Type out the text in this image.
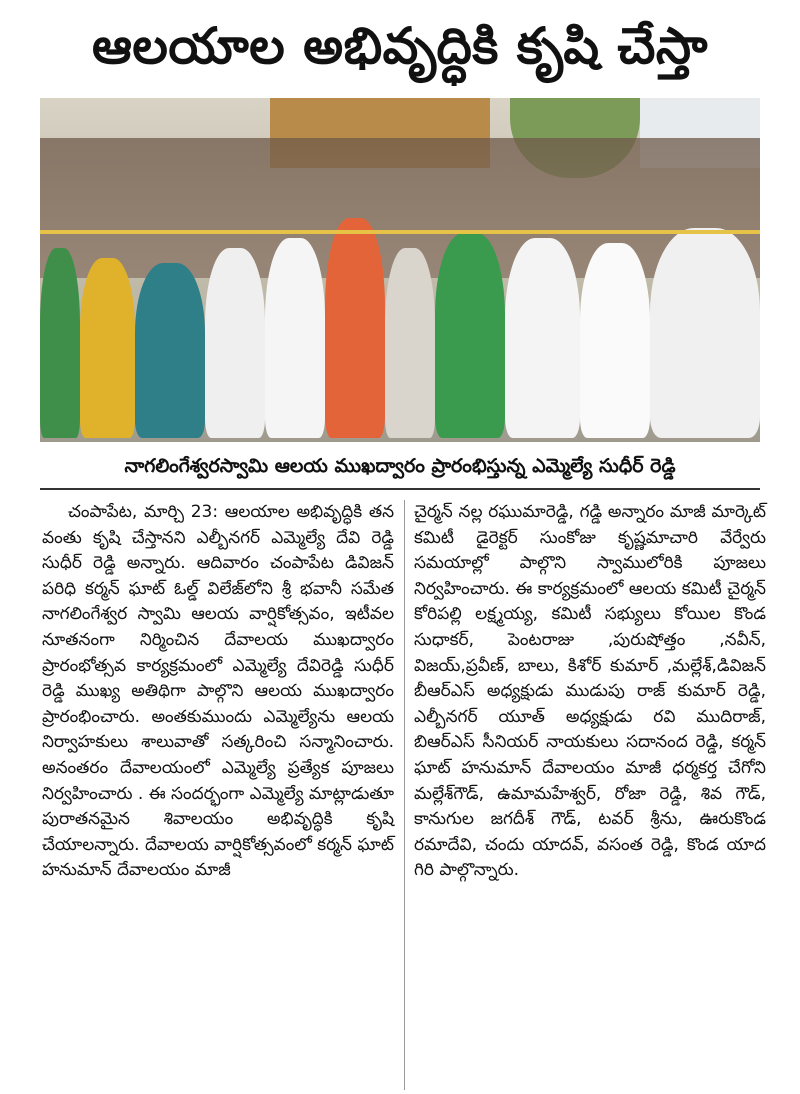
ఆలయాల అభివృద్ధికి కృషి చేస్తా
నాగలింగేశ్వరస్వామి ఆలయ ముఖద్వారం ప్రారంభిస్తున్న ఎమ్మెల్యే సుధీర్ రెడ్డి

చంపాపేట, మార్చి 23: ఆలయాల అభివృద్ధికి తన వంతు కృషి చేస్తానని ఎల్బీనగర్ ఎమ్మెల్యే దేవి రెడ్డి సుధీర్ రెడ్డి అన్నారు. ఆదివారం చంపాపేట డివిజన్ పరిధి కర్మన్ ఘాట్ ఓల్డ్ విలేజ్‌లోని శ్రీ భవానీ సమేత నాగలింగేశ్వర స్వామి ఆలయ వార్షికోత్సవం, ఇటీవల నూతనంగా నిర్మించిన దేవాలయ ముఖద్వారం ప్రారంభోత్సవ కార్యక్రమంలో ఎమ్మెల్యే దేవిరెడ్డి సుధీర్ రెడ్డి ముఖ్య అతిథిగా పాల్గొని ఆలయ ముఖద్వారం ప్రారంభించారు. అంతకుముందు ఎమ్మెల్యేను ఆలయ నిర్వాహకులు శాలువాతో సత్కరించి సన్మానించారు. అనంతరం దేవాలయంలో ఎమ్మెల్యే ప్రత్యేక పూజలు నిర్వహించారు . ఈ సందర్భంగా ఎమ్మెల్యే మాట్లాడుతూ పురాతనమైన శివాలయం అభివృద్ధికి కృషి చేయాలన్నారు. దేవాలయ వార్షికోత్సవంలో కర్మన్ ఘాట్ హనుమాన్ దేవాలయం మాజీ

చైర్మన్ నల్ల రఘుమారెడ్డి, గడ్డి అన్నారం మాజీ మార్కెట్ కమిటీ డైరెక్టర్ సుంకోజు కృష్ణమాచారి వేర్వేరు సమయాల్లో పాల్గొని స్వాములోరికి పూజలు నిర్వహించారు. ఈ కార్యక్రమంలో ఆలయ కమిటీ చైర్మన్ కోరిపల్లి లక్ష్మయ్య, కమిటీ సభ్యులు కోయిల కొండ సుధాకర్, పెంటరాజు ,పురుషోత్తం ,నవీన్, విజయ్,ప్రవీణ్, బాలు, కిశోర్ కుమార్ ,మల్లేశ్,డివిజన్ బీఆర్ఎస్ అధ్యక్షుడు ముడుపు రాజ్ కుమార్ రెడ్డి, ఎల్బీనగర్ యూత్ అధ్యక్షుడు రవి ముదిరాజ్, బిఆర్ఎస్ సీనియర్ నాయకులు సదానంద రెడ్డి, కర్మన్ ఘాట్ హనుమాన్ దేవాలయం మాజీ ధర్మకర్త చేగోని మల్లేశ్‌గౌడ్, ఉమామహేశ్వర్, రోజా రెడ్డి, శివ గౌడ్, కానుగుల జగదీశ్ గౌడ్, టవర్ శ్రీను, ఊరుకొండ రమాదేవి, చందు యాదవ్, వసంత రెడ్డి, కొండ యాద గిరి పాల్గొన్నారు.
